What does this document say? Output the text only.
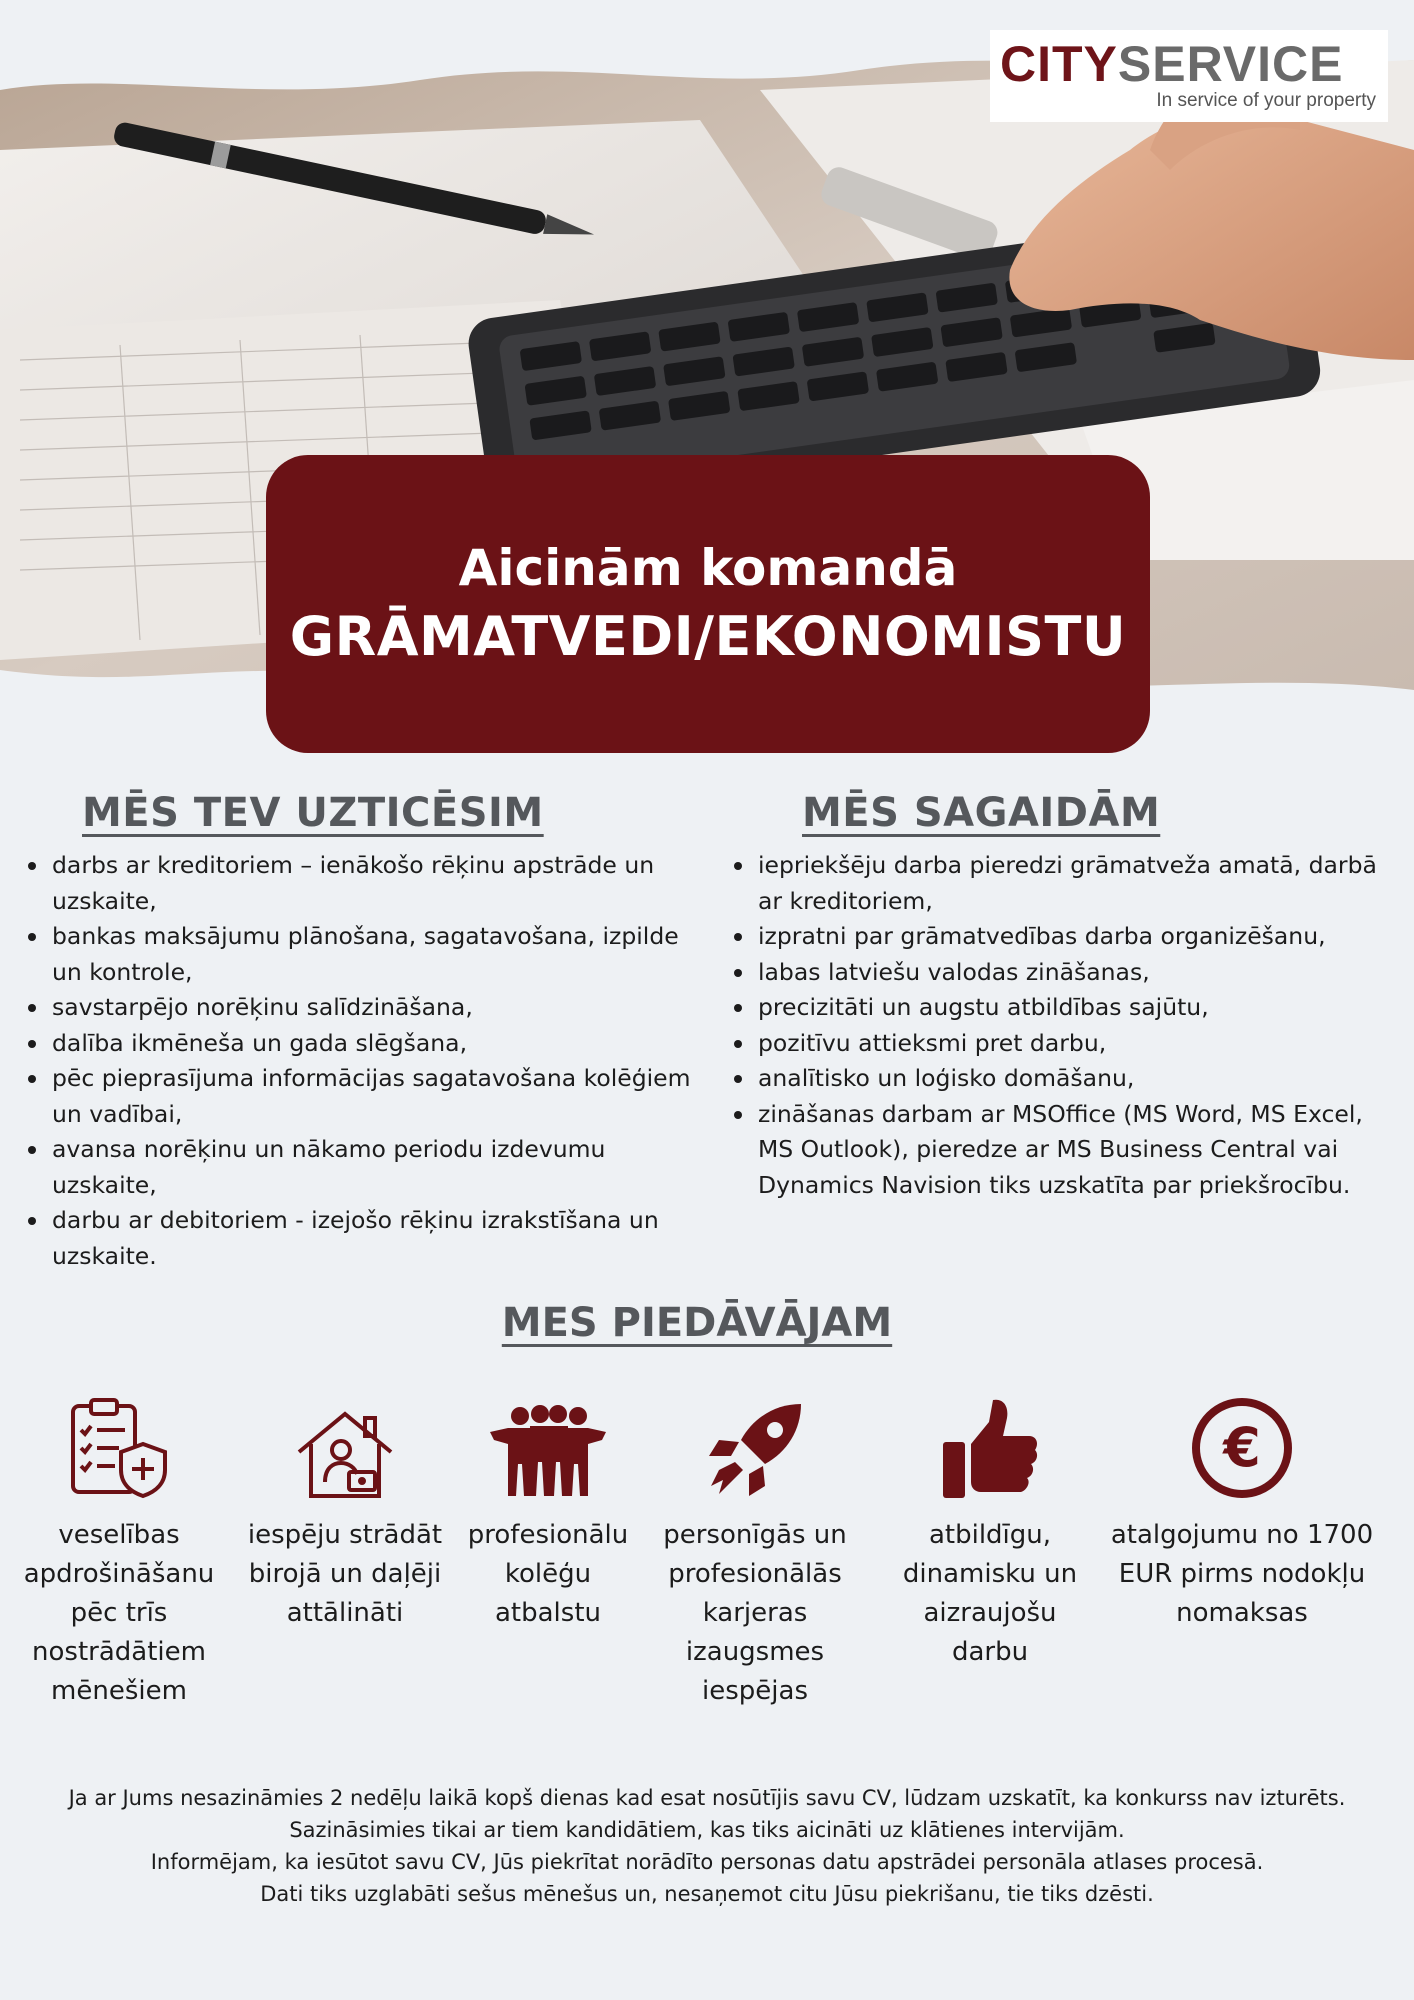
CITYSERVICE
In service of your property
Aicinām komandā
GRĀMATVEDI/EKONOMISTU
MĒS TEV UZTICĒSIM
darbs ar kreditoriem – ienākošo rēķinu apstrāde un uzskaite,
bankas maksājumu plānošana, sagatavošana, izpilde un kontrole,
savstarpējo norēķinu salīdzināšana,
dalība ikmēneša un gada slēgšana,
pēc pieprasījuma informācijas sagatavošana kolēģiem un vadībai,
avansa norēķinu un nākamo periodu izdevumu uzskaite,
darbu ar debitoriem - izejošo rēķinu izrakstīšana un uzskaite.
MĒS SAGAIDĀM
iepriekšēju darba pieredzi grāmatveža amatā, darbā ar kreditoriem,
izpratni par grāmatvedības darba organizēšanu,
labas latviešu valodas zināšanas,
precizitāti un augstu atbildības sajūtu,
pozitīvu attieksmi pret darbu,
analītisko un loģisko domāšanu,
zināšanas darbam ar MSOffice (MS Word, MS Excel, MS Outlook), pieredze ar MS Business Central vai Dynamics Navision tiks uzskatīta par priekšrocību.
MES PIEDĀVĀJAM
veselības
apdrošināšanu
pēc trīs
nostrādātiem
mēnešiem
iespēju strādāt
birojā un daļēji
attālināti
profesionālu
kolēģu
atbalstu
personīgās un
profesionālās
karjeras
izaugsmes
iespējas
atbildīgu,
dinamisku un
aizraujošu
darbu
€
atalgojumu no 1700
EUR pirms nodokļu
nomaksas
Ja ar Jums nesazināmies 2 nedēļu laikā kopš dienas kad esat nosūtījis savu CV, lūdzam uzskatīt, ka konkurss nav izturēts.
Sazināsimies tikai ar tiem kandidātiem, kas tiks aicināti uz klātienes intervijām.
Informējam, ka iesūtot savu CV, Jūs piekrītat norādīto personas datu apstrādei personāla atlases procesā.
Dati tiks uzglabāti sešus mēnešus un, nesaņemot citu Jūsu piekrišanu, tie tiks dzēsti.
